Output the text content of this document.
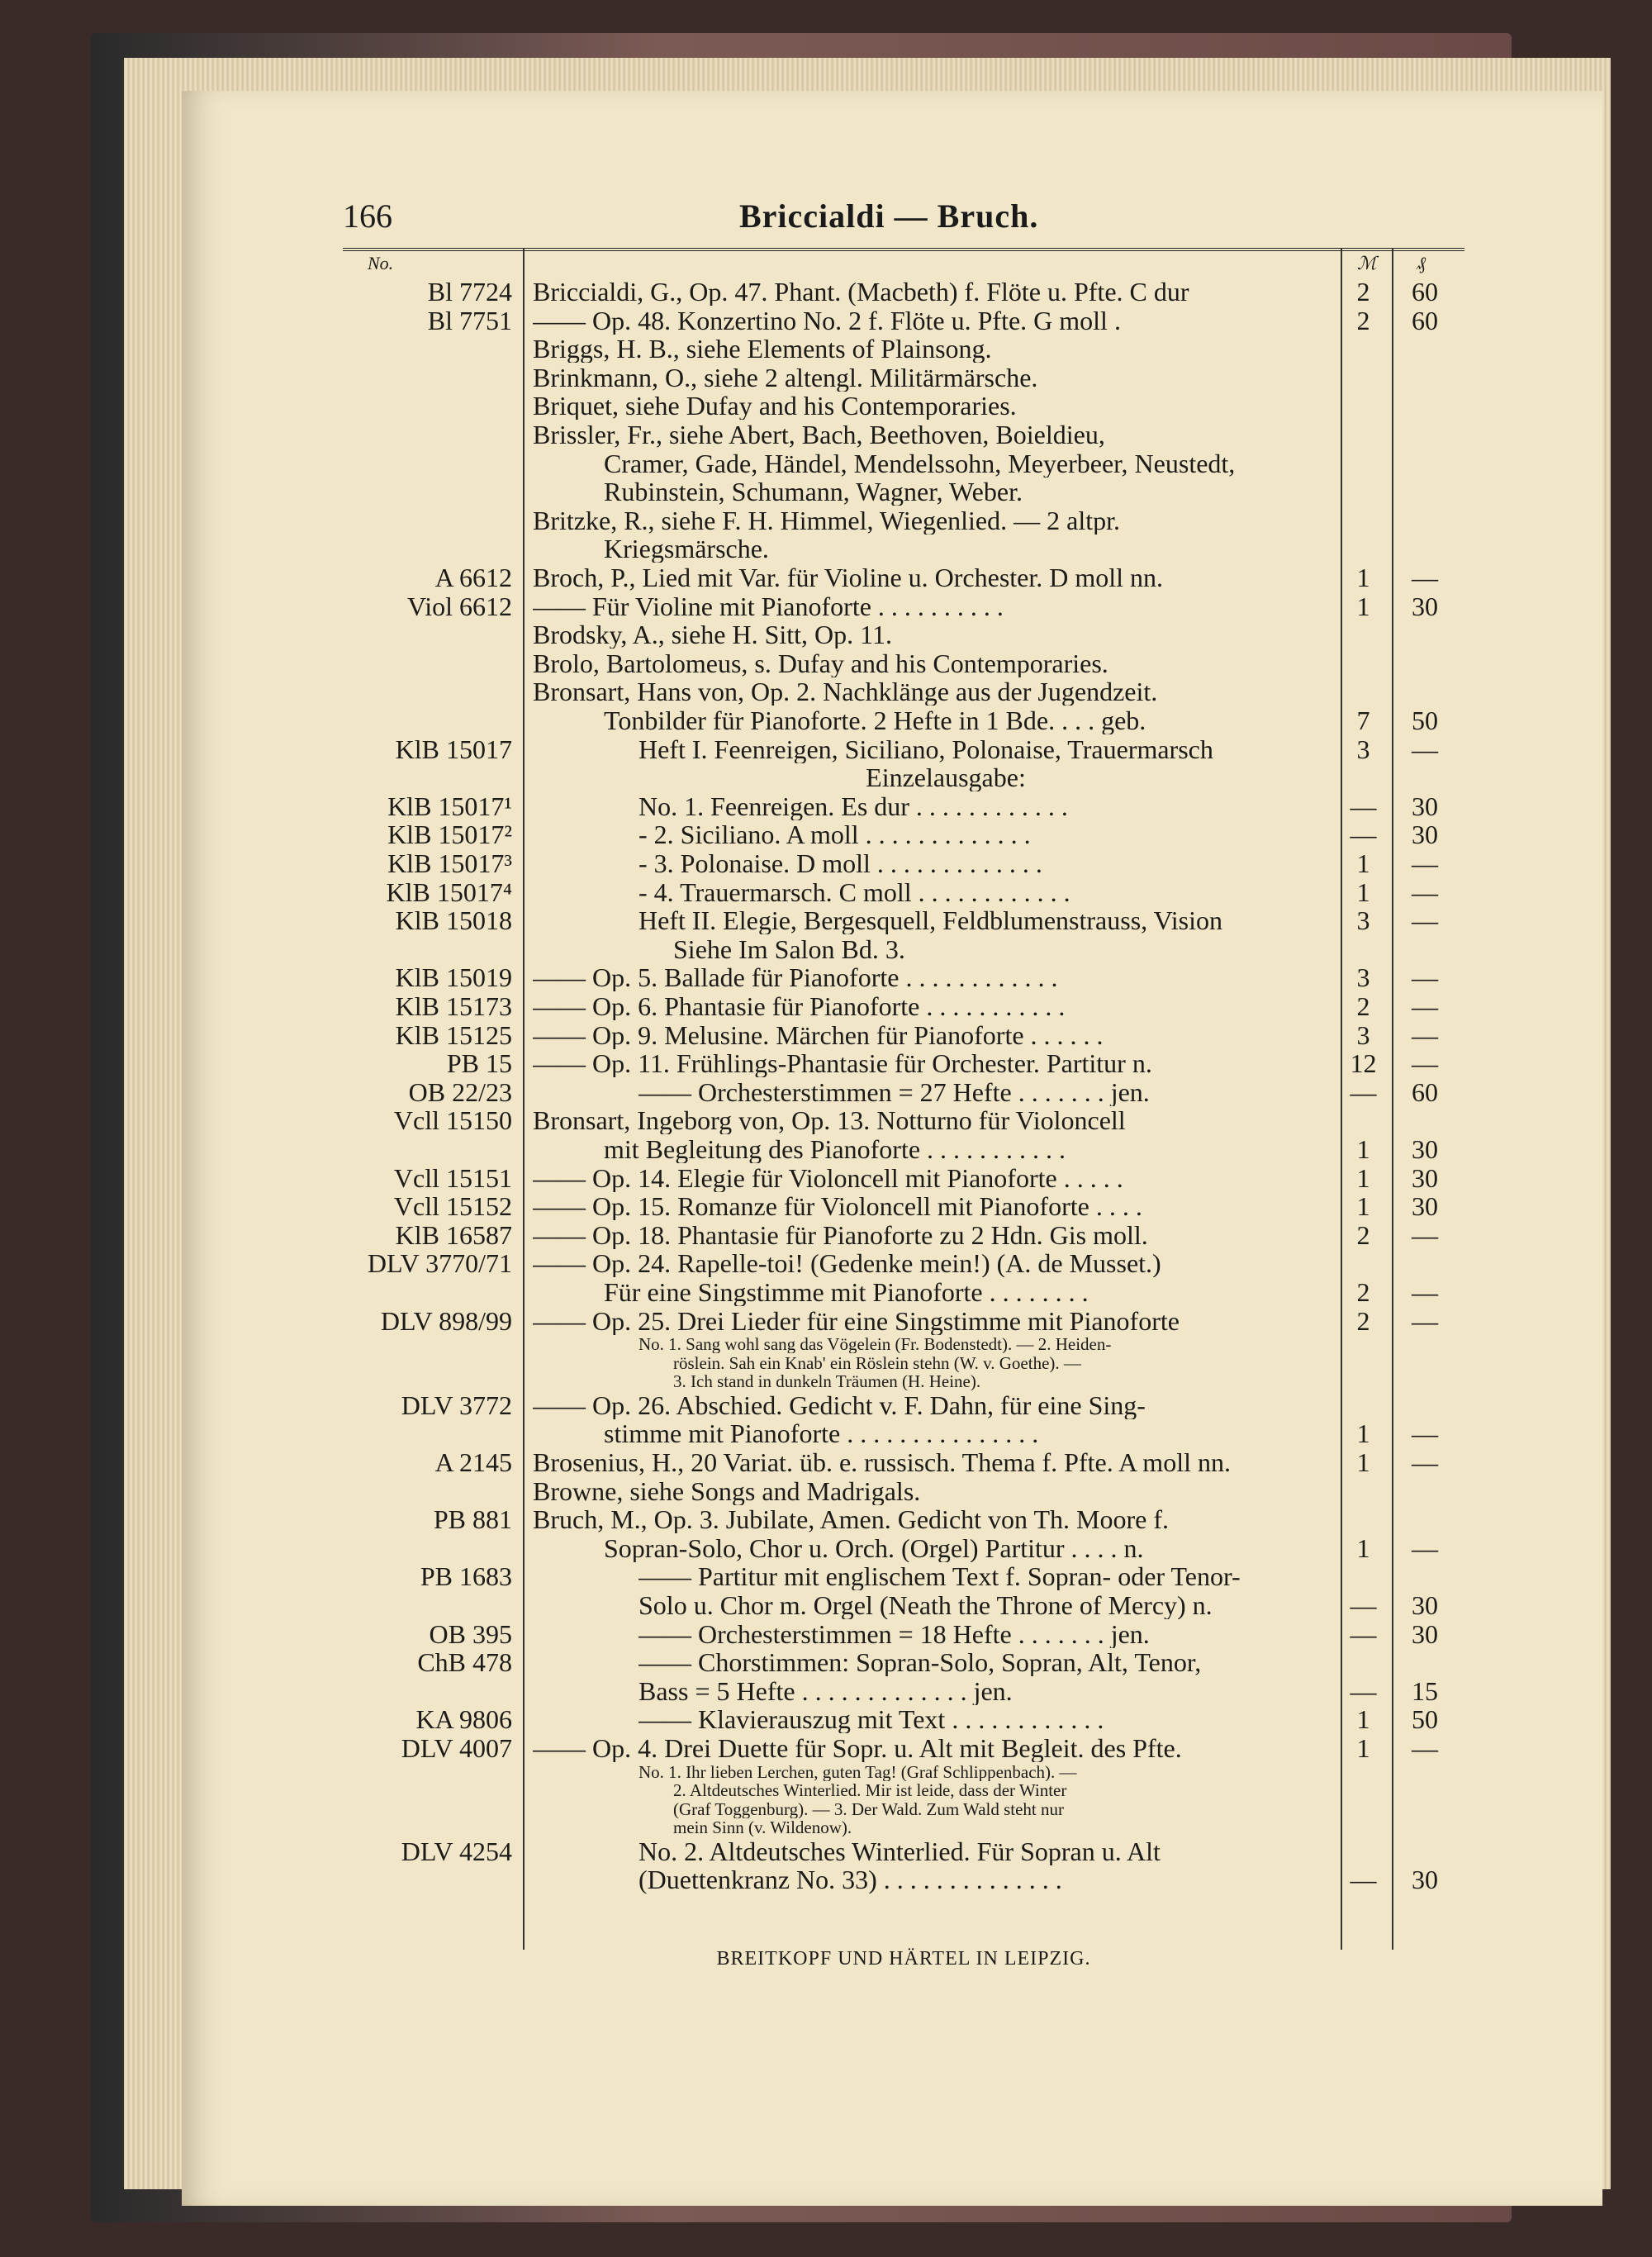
166	Briccialdi — Bruch.
No.	ℳ ₰
Bl 7724 Briccialdi, G., Op. 47. Phant. (Macbeth) f. Flöte u. Pfte. C dur	2	60
Bl 7751 —— Op. 48. Konzertino No. 2 f. Flöte u. Pfte. G moll .	2	60
Briggs, H. B., siehe Elements of Plainsong.
Brinkmann, O., siehe 2 altengl. Militärmärsche.
Briquet, siehe Dufay and his Contemporaries.
Brissler, Fr., siehe Abert, Bach, Beethoven, Boieldieu,
Cramer, Gade, Händel, Mendelssohn, Meyerbeer, Neustedt,
Rubinstein, Schumann, Wagner, Weber.
Britzke, R., siehe F. H. Himmel, Wiegenlied. — 2 altpr.
Kriegsmärsche.
A 6612 Broch, P., Lied mit Var. für Violine u. Orchester. D moll nn.	1	—
Viol 6612 —— Für Violine mit Pianoforte . . . . . . . . . .	1	30
Brodsky, A., siehe H. Sitt, Op. 11.
Brolo, Bartolomeus, s. Dufay and his Contemporaries.
Bronsart, Hans von, Op. 2. Nachklänge aus der Jugendzeit.
Tonbilder für Pianoforte. 2 Hefte in 1 Bde. . . . geb.	7	50
KlB 15017	Heft I. Feenreigen, Siciliano, Polonaise, Trauermarsch	3	—
Einzelausgabe:
KlB 15017¹	No. 1. Feenreigen. Es dur . . . . . . . . . . . .	—	30
KlB 15017²	- 2. Siciliano. A moll . . . . . . . . . . . . .	—	30
KlB 15017³	- 3. Polonaise. D moll . . . . . . . . . . . . .	1	—
KlB 15017⁴	- 4. Trauermarsch. C moll . . . . . . . . . . . .	1	—
KlB 15018	Heft II. Elegie, Bergesquell, Feldblumenstrauss, Vision	3	—
Siehe Im Salon Bd. 3.
KlB 15019 —— Op. 5. Ballade für Pianoforte . . . . . . . . . . . .	3	—
KlB 15173 —— Op. 6. Phantasie für Pianoforte . . . . . . . . . . .	2	—
KlB 15125 —— Op. 9. Melusine. Märchen für Pianoforte . . . . . .	3	—
PB 15 —— Op. 11. Frühlings-Phantasie für Orchester. Partitur n.	12	—
OB 22/23	—— Orchesterstimmen = 27 Hefte . . . . . . . jen.	—	60
Vcll 15150 Bronsart, Ingeborg von, Op. 13. Notturno für Violoncell
mit Begleitung des Pianoforte . . . . . . . . . . .	1	30
Vcll 15151 —— Op. 14. Elegie für Violoncell mit Pianoforte . . . . .	1	30
Vcll 15152 —— Op. 15. Romanze für Violoncell mit Pianoforte . . . .	1	30
KlB 16587 —— Op. 18. Phantasie für Pianoforte zu 2 Hdn. Gis moll.	2	—
DLV 3770/71 —— Op. 24. Rapelle-toi! (Gedenke mein!) (A. de Musset.)
Für eine Singstimme mit Pianoforte . . . . . . . .	2	—
DLV 898/99 —— Op. 25. Drei Lieder für eine Singstimme mit Pianoforte	2	—
No. 1. Sang wohl sang das Vögelein (Fr. Bodenstedt). — 2. Heiden-
röslein. Sah ein Knab' ein Röslein stehn (W. v. Goethe). —
3. Ich stand in dunkeln Träumen (H. Heine).
DLV 3772 —— Op. 26. Abschied. Gedicht v. F. Dahn, für eine Sing-
stimme mit Pianoforte . . . . . . . . . . . . . . .	1	—
A 2145 Brosenius, H., 20 Variat. üb. e. russisch. Thema f. Pfte. A moll nn.	1	—
Browne, siehe Songs and Madrigals.
PB 881 Bruch, M., Op. 3. Jubilate, Amen. Gedicht von Th. Moore f.
Sopran-Solo, Chor u. Orch. (Orgel) Partitur . . . . n.	1	—
PB 1683	—— Partitur mit englischem Text f. Sopran- oder Tenor-
Solo u. Chor m. Orgel (Neath the Throne of Mercy) n.	—	30
OB 395	—— Orchesterstimmen = 18 Hefte . . . . . . . jen.	—	30
ChB 478	—— Chorstimmen: Sopran-Solo, Sopran, Alt, Tenor,
Bass = 5 Hefte . . . . . . . . . . . . . jen.	—	15
KA 9806	—— Klavierauszug mit Text . . . . . . . . . . . .	1	50
DLV 4007 —— Op. 4. Drei Duette für Sopr. u. Alt mit Begleit. des Pfte.	1	—
No. 1. Ihr lieben Lerchen, guten Tag! (Graf Schlippenbach). —
2. Altdeutsches Winterlied. Mir ist leide, dass der Winter
(Graf Toggenburg). — 3. Der Wald. Zum Wald steht nur
mein Sinn (v. Wildenow).
DLV 4254	No. 2. Altdeutsches Winterlied. Für Sopran u. Alt
(Duettenkranz No. 33) . . . . . . . . . . . . . .	—	30
BREITKOPF UND HÄRTEL IN LEIPZIG.
